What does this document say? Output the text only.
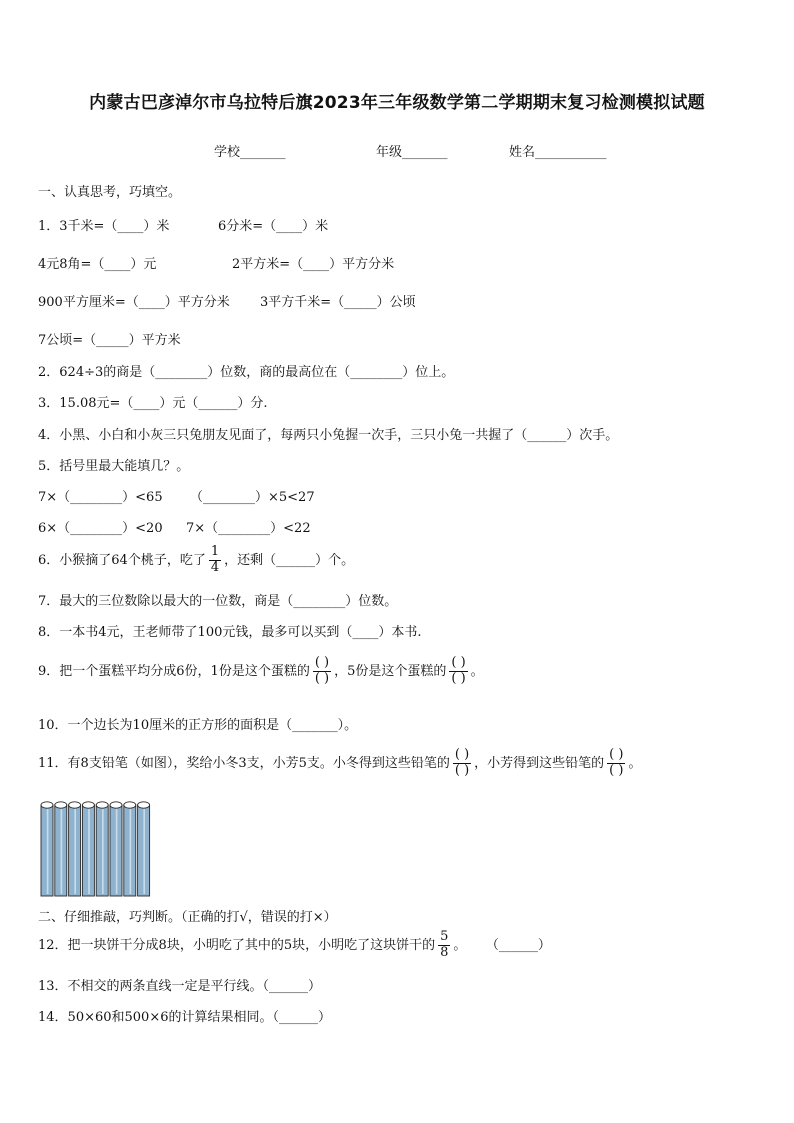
内蒙古巴彦淖尔市乌拉特后旗2023年三年级数学第二学期期末复习检测模拟试题
学校_______	年级_______	姓名___________
一、认真思考，巧填空。
1．3千米=（____）米	6分米=（____）米
4元8角=（____）元	2平方米=（____）平方分米
900平方厘米=（____）平方分米 3平方千米=（_____）公顷
7公顷=（_____）平方米
2．624÷3的商是（________）位数，商的最高位在（________）位上。
3．15.08元=（____）元（______）分.
4．小黑、小白和小灰三只兔朋友见面了，每两只小兔握一次手，三只小兔一共握了（______）次手。
5．括号里最大能填几？。
7×（________）<65 （________）×5<27
6×（________）<20 7×（________）<22
6．小猴摘了64个桃子，吃了 $\frac{1}{4}$ ，还剩（______）个。
7．最大的三位数除以最大的一位数，商是（________）位数。
8．一本书4元，王老师带了100元钱，最多可以买到（____）本书.
9．把一个蛋糕平均分成6份，1份是这个蛋糕的 $\frac{( )}{( )}$ ，5份是这个蛋糕的 $\frac{( )}{( )}$ 。
10．一个边长为10厘米的正方形的面积是（_______）。
11．有8支铅笔（如图），奖给小冬3支，小芳5支。小冬得到这些铅笔的 $\frac{( )}{( )}$ ，小芳得到这些铅笔的 $\frac{( )}{( )}$ 。
二、仔细推敲，巧判断。（正确的打√，错误的打×）
12．把一块饼干分成8块，小明吃了其中的5块，小明吃了这块饼干的 $\frac{5}{8}$ 。 （______）
13．不相交的两条直线一定是平行线。（______）
14．50×60和500×6的计算结果相同。（______）
